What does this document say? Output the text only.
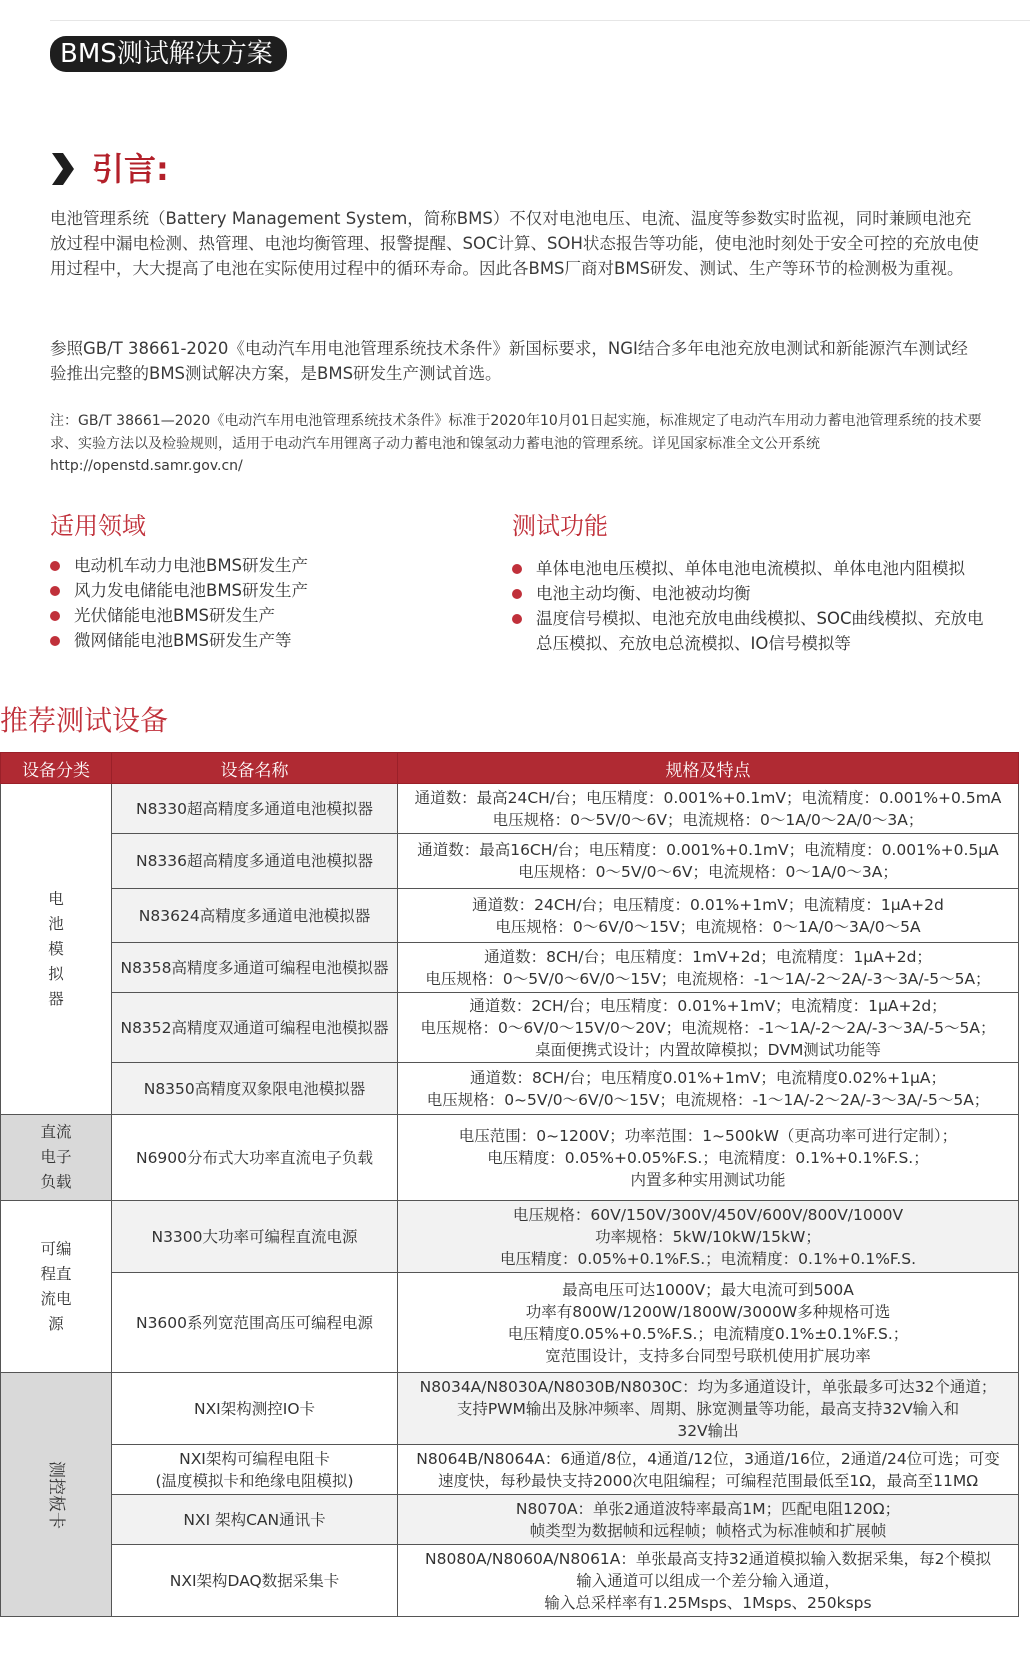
BMS测试解决方案
引言:

电池管理系统（Battery Management System，简称BMS）不仅对电池电压、电流、温度等参数实时监视，同时兼顾电池充放过程中漏电检测、热管理、电池均衡管理、报警提醒、SOC计算、SOH状态报告等功能，使电池时刻处于安全可控的充放电使用过程中，大大提高了电池在实际使用过程中的循环寿命。因此各BMS厂商对BMS研发、测试、生产等环节的检测极为重视。

参照GB/T 38661-2020《电动汽车用电池管理系统技术条件》新国标要求，NGI结合多年电池充放电测试和新能源汽车测试经验推出完整的BMS测试解决方案，是BMS研发生产测试首选。

注：GB/T 38661—2020《电动汽车用电池管理系统技术条件》标准于2020年10月01日起实施，标准规定了电动汽车用动力蓄电池管理系统的技术要求、实验方法以及检验规则，适用于电动汽车用锂离子动力蓄电池和镍氢动力蓄电池的管理系统。详见国家标准全文公开系统http://openstd.samr.gov.cn/

适用领域	测试功能
电动机车动力电池BMS研发生产
风力发电储能电池BMS研发生产
光伏储能电池BMS研发生产
微网储能电池BMS研发生产等
单体电池电压模拟、单体电池电流模拟、单体电池内阻模拟
电池主动均衡、电池被动均衡
温度信号模拟、电池充放电曲线模拟、SOC曲线模拟、充放电总压模拟、充放电总流模拟、IO信号模拟等
推荐测试设备
设备分类	设备名称	规格及特点
电池模拟器	N8330超高精度多通道电池模拟器	通道数：最高24CH/台；电压精度：0.001%+0.1mV；电流精度：0.001%+0.5mA
电压规格：0～5V/0～6V；电流规格：0～1A/0～2A/0～3A；

	N8336超高精度多通道电池模拟器	通道数：最高16CH/台；电压精度：0.001%+0.1mV；电流精度：0.001%+0.5μA
电压规格：0～5V/0～6V；电流规格：0～1A/0～3A；

	N83624高精度多通道电池模拟器	通道数：24CH/台；电压精度：0.01%+1mV；电流精度：1μA+2d
电压规格：0～6V/0～15V；电流规格：0～1A/0～3A/0～5A

	N8358高精度多通道可编程电池模拟器	通道数：8CH/台；电压精度：1mV+2d；电流精度：1μA+2d；
电压规格：0～5V/0～6V/0～15V；电流规格：-1～1A/-2～2A/-3～3A/-5～5A；

	N8352高精度双通道可编程电池模拟器	通道数：2CH/台；电压精度：0.01%+1mV；电流精度：1μA+2d；
电压规格：0～6V/0～15V/0～20V；电流规格：-1～1A/-2～2A/-3～3A/-5～5A；
桌面便携式设计；内置故障模拟；DVM测试功能等

	N8350高精度双象限电池模拟器	通道数：8CH/台；电压精度0.01%+1mV；电流精度0.02%+1μA；
电压规格：0~5V/0～6V/0～15V；电流规格：-1～1A/-2～2A/-3～3A/-5～5A；

直流电子负载	N6900分布式大功率直流电子负载	电压范围：0~1200V；功率范围：1~500kW（更高功率可进行定制）；
电压精度：0.05%+0.05%F.S.；电流精度：0.1%+0.1%F.S.；
内置多种实用测试功能

可编程直流电源	N3300大功率可编程直流电源	电压规格：60V/150V/300V/450V/600V/800V/1000V
功率规格：5kW/10kW/15kW；
电压精度：0.05%+0.1%F.S.；电流精度：0.1%+0.1%F.S.

	N3600系列宽范围高压可编程电源	最高电压可达1000V；最大电流可到500A
功率有800W/1200W/1800W/3000W多种规格可选
电压精度0.05%+0.5%F.S.；电流精度0.1%±0.1%F.S.；
宽范围设计，支持多台同型号联机使用扩展功率

测控板卡	NXI架构测控IO卡	N8034A/N8030A/N8030B/N8030C：均为多通道设计，单张最多可达32个通道；
支持PWM输出及脉冲频率、周期、脉宽测量等功能，最高支持32V输入和
32V输出

	NXI架构可编程电阻卡
(温度模拟卡和绝缘电阻模拟)	N8064B/N8064A：6通道/8位，4通道/12位，3通道/16位，2通道/24位可选；可变
速度快，每秒最快支持2000次电阻编程；可编程范围最低至1Ω，最高至11MΩ

	NXI 架构CAN通讯卡	N8070A：单张2通道波特率最高1M；匹配电阻120Ω；
帧类型为数据帧和远程帧；帧格式为标准帧和扩展帧

	NXI架构DAQ数据采集卡	N8080A/N8060A/N8061A：单张最高支持32通道模拟输入数据采集，每2个模拟
输入通道可以组成一个差分输入通道，
输入总采样率有1.25Msps、1Msps、250ksps
